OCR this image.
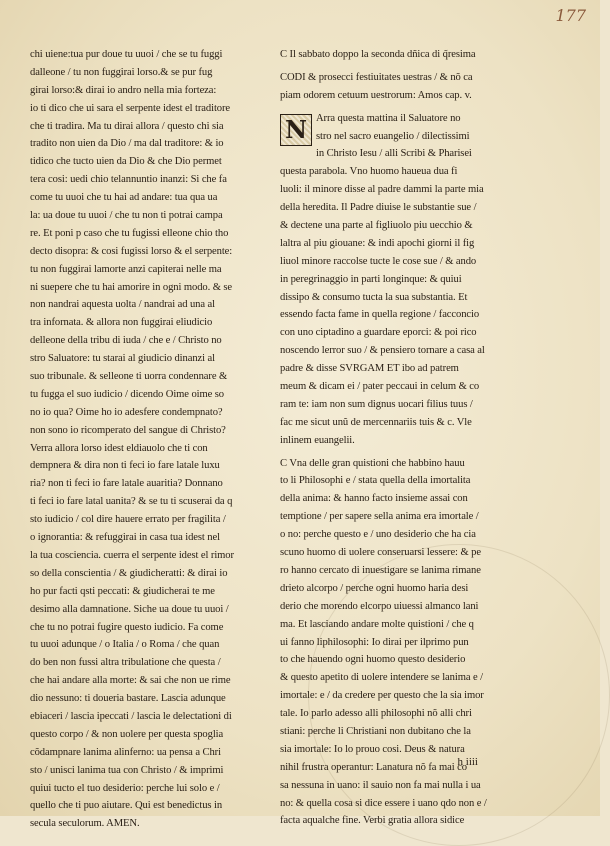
177
chi uiene:tua pur doue tu uuoi / che se tu fuggi
dalleone / tu non fuggirai lorso.& se pur fug
girai lorso:& dirai io andro nella mia forteza:
io ti dico che ui sara el serpente idest el traditore
che ti tradira. Ma tu dirai allora / questo chi sia
tradito non uien da Dio / ma dal traditore: & io
tidico che tucto uien da Dio & che Dio permet
tera cosi: uedi chio telannuntio inanzi: Si che fa
come tu uuoi che tu hai ad andare: tua qua ua
la: ua doue tu uuoi / che tu non ti potrai campa
re. Et poni p caso che tu fugissi elleone chio tho
decto disopra: & cosi fugissi lorso & el serpente:
tu non fuggirai lamorte anzi capiterai nelle ma
ni suepere che tu hai amorire in ogni modo. & se
non nandrai aquesta uolta / nandrai ad una al
tra infornata. & allora non fuggirai eliudicio
delleone della tribu di iuda / che e / Christo no
stro Saluatore: tu starai al giudicio dinanzi al
suo tribunale. & selleone ti uorra condennare &
tu fugga el suo iudicio / dicendo Oime oime so
no io qua? Oime ho io adesfere condempnato?
non sono io ricomperato del sangue di Christo?
Verra allora lorso idest eldiauolo che ti con
dempnera & dira non ti feci io fare latale luxu
ria? non ti feci io fare latale auaritia? Donnano
ti feci io fare latal uanita? & se tu ti scuserai da q
sto iudicio / col dire hauere errato per fragilita /
o ignorantia: & refuggirai in casa tua idest nel
la tua cosciencia. cuerra el serpente idest el rimor
so della conscientia / & giudicheratti: & dirai io
ho pur facti qsti peccati: & giudicherai te me
desimo alla damnatione. Siche ua doue tu uuoi /
che tu no potrai fugire questo iudicio. Fa come
tu uuoi adunque / o Italia / o Roma / che quan
do ben non fussi altra tribulatione che questa /
che hai andare alla morte: & sai che non ue rime
dio nessuno: ti doueria bastare. Lascia adunque
ebiaceri / lascia ipeccati / lascia le delectationi di
questo corpo / & non uolere per questa spoglia
cõdampnare lanima alinferno: ua pensa a Chri
sto / unisci lanima tua con Christo / & imprimi
quiui tucto el tuo desiderio: perche lui solo e /
quello che ti puo aiutare. Qui est benedictus in
secula seculorum. AMEN.
C Il sabbato doppo la seconda dñica di q̃resima
CODI & prosecci festiuitates uestras / & nõ ca
piam odorem cetuum uestrorum: Amos cap. v.
N Arra questa mattina il Saluatore no
stro nel sacro euangelio / dilectissimi
in Christo Iesu / alli Scribi & Pharisei
questa parabola. Vno huomo haueua dua fi
luoli: il minore disse al padre dammi la parte mia
della heredita. Il Padre diuise le substantie sue /
& dectene una parte al figliuolo piu uecchio &
laltra al piu giouane: & indi apochi giorni il fig
liuol minore raccolse tucte le cose sue / & ando
in peregrinaggio in parti longinque: & quiui
dissipo & consumo tucta la sua substantia. Et
essendo facta fame in quella regione / facconcio
con uno ciptadino a guardare eporci: & poi rico
noscendo lerror suo / & pensiero tornare a casa al
padre & disse SVRGAM ET ibo ad patrem
meum & dicam ei / pater peccaui in celum & co
ram te: iam non sum dignus uocari filius tuus /
fac me sicut unũ de mercennariis tuis & c. Vle
inlinem euangelii.
C Vna delle gran quistioni che habbino hauu
to li Philosophi e / stata quella della imortalita
della anima: & hanno facto insieme assai con
temptione / per sapere sella anima era imortale /
o no: perche questo e / uno desiderio che ha cia
scuno huomo di uolere conseruarsi lessere: & pe
ro hanno cercato di inuestigare se lanima rimane
drieto alcorpo / perche ogni huomo haria desi
derio che morendo elcorpo uiuessi almanco lani
ma. Et lasciando andare molte quistioni / che q
ui fanno liphilosophi: Io dirai per ilprimo pun
to che hauendo ogni huomo questo desiderio
& questo apetito di uolere intendere se lanima e /
imortale: e / da credere per questo che la sia imor
tale. Io parlo adesso alli philosophi nõ alli chri
stiani: perche li Christiani non dubitano che la
sia imortale: Io lo prouo cosi. Deus & natura
nihil frustra operantur: Lanatura nõ fa mai co
sa nessuna in uano: il sauio non fa mai nulla i ua
no: & quella cosa si dice essere i uano qdo non e /
facta aqualche fine. Verbi gratia allora sidice
h iiii
